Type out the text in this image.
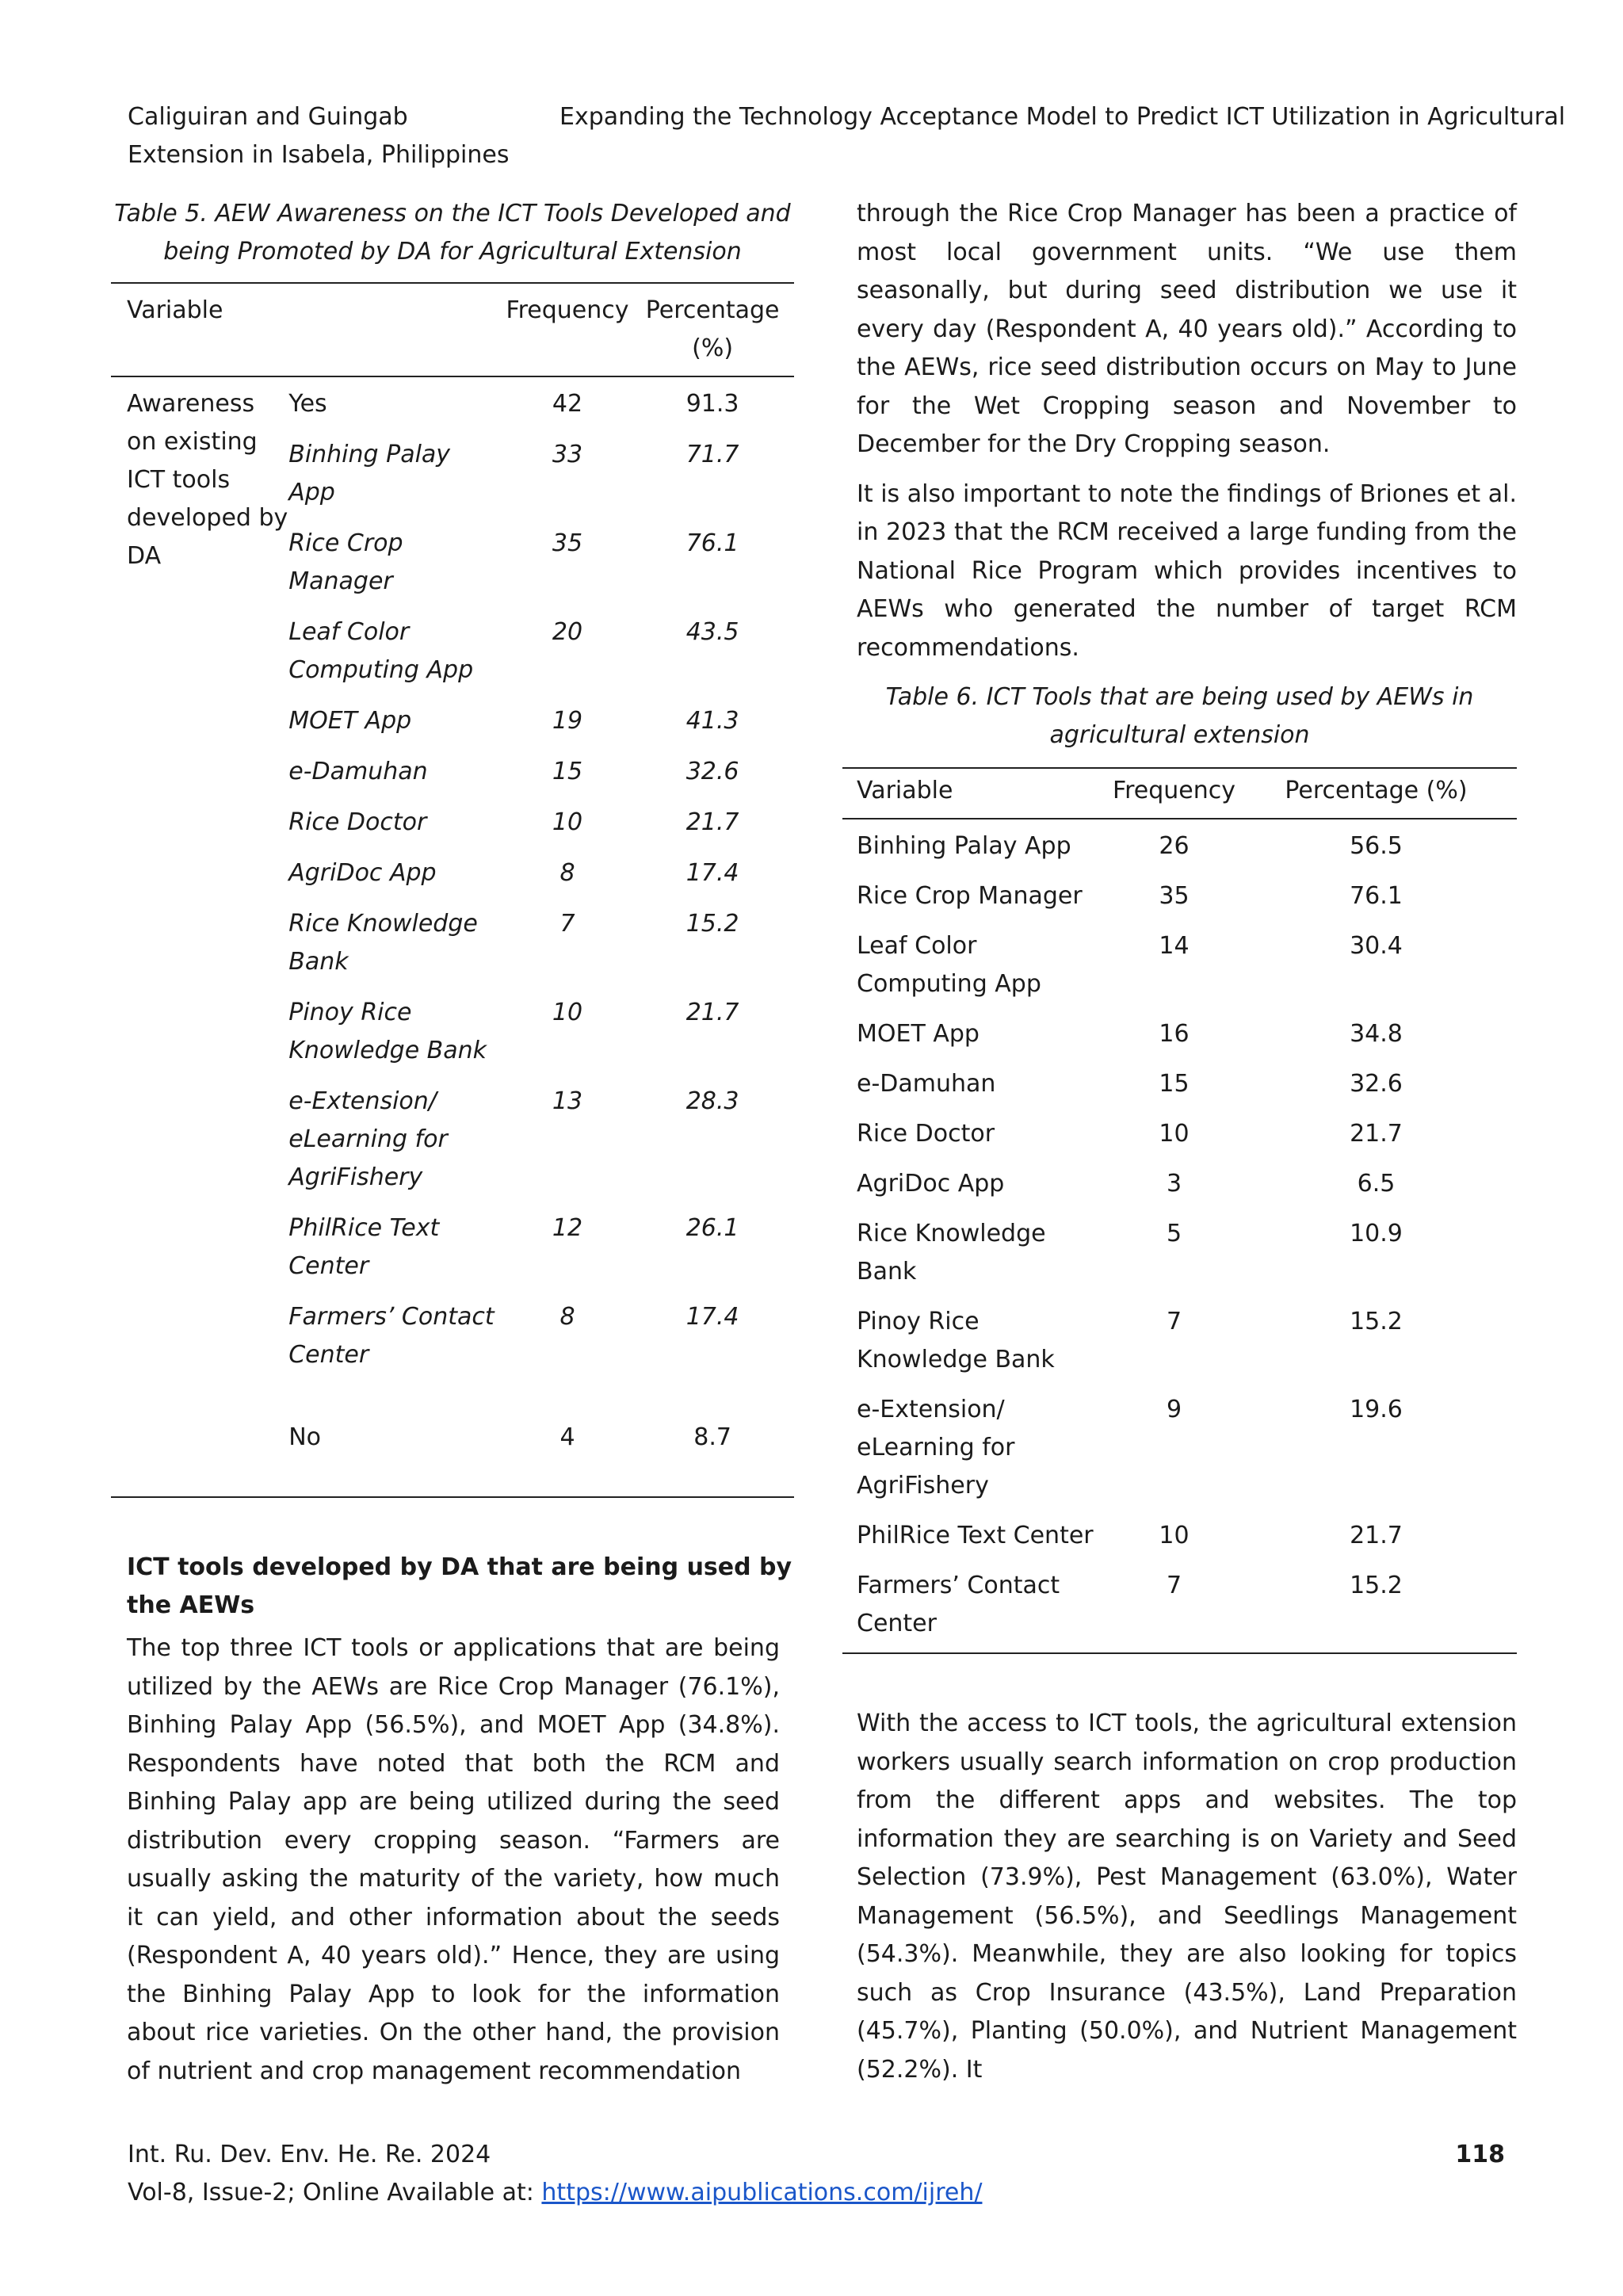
Caliguiran and Guingab
Extension in Isabela, Philippines
Expanding the Technology Acceptance Model to Predict ICT Utilization in Agricultural
Table 5. AEW Awareness on the ICT Tools Developed and
being Promoted by DA for Agricultural Extension
Variable		Frequency	Percentage (%)
Awareness on existing ICT tools developed by DA	Yes	42	91.3
	Binhing Palay App	33	71.7
	Rice Crop Manager	35	76.1
	Leaf Color Computing App	20	43.5
	MOET App	19	41.3
	e-Damuhan	15	32.6
	Rice Doctor	10	21.7
	AgriDoc App	8	17.4
	Rice Knowledge Bank	7	15.2
	Pinoy Rice Knowledge Bank	10	21.7
	e-Extension/ eLearning for AgriFishery	13	28.3
	PhilRice Text Center	12	26.1
	Farmers’ Contact Center	8	17.4
	No	4	8.7
ICT tools developed by DA that are being used by the AEWs

The top three ICT tools or applications that are being utilized by the AEWs are Rice Crop Manager (76.1%), Binhing Palay App (56.5%), and MOET App (34.8%). Respondents have noted that both the RCM and Binhing Palay app are being utilized during the seed distribution every cropping season. “Farmers are usually asking the maturity of the variety, how much it can yield, and other information about the seeds (Respondent A, 40 years old).” Hence, they are using the Binhing Palay App to look for the information about rice varieties. On the other hand, the provision of nutrient and crop management recommendation

through the Rice Crop Manager has been a practice of most local government units. “We use them seasonally, but during seed distribution we use it every day (Respondent A, 40 years old).” According to the AEWs, rice seed distribution occurs on May to June for the Wet Cropping season and November to December for the Dry Cropping season.

It is also important to note the findings of Briones et al. in 2023 that the RCM received a large funding from the National Rice Program which provides incentives to AEWs who generated the number of target RCM recommendations.

Table 6. ICT Tools that are being used by AEWs in
agricultural extension
Variable	Frequency	Percentage (%)
Binhing Palay App	26	56.5
Rice Crop Manager	35	76.1
Leaf Color Computing App	14	30.4
MOET App	16	34.8
e-Damuhan	15	32.6
Rice Doctor	10	21.7
AgriDoc App	3	6.5
Rice Knowledge Bank	5	10.9
Pinoy Rice Knowledge Bank	7	15.2
e-Extension/ eLearning for AgriFishery	9	19.6
PhilRice Text Center	10	21.7
Farmers’ Contact Center	7	15.2

With the access to ICT tools, the agricultural extension workers usually search information on crop production from the different apps and websites. The top information they are searching is on Variety and Seed Selection (73.9%), Pest Management (63.0%), Water Management (56.5%), and Seedlings Management (54.3%). Meanwhile, they are also looking for topics such as Crop Insurance (43.5%), Land Preparation (45.7%), Planting (50.0%), and Nutrient Management (52.2%). It

Int. Ru. Dev. Env. He. Re. 2024
Vol-8, Issue-2; Online Available at: https://www.aipublications.com/ijreh/
118
